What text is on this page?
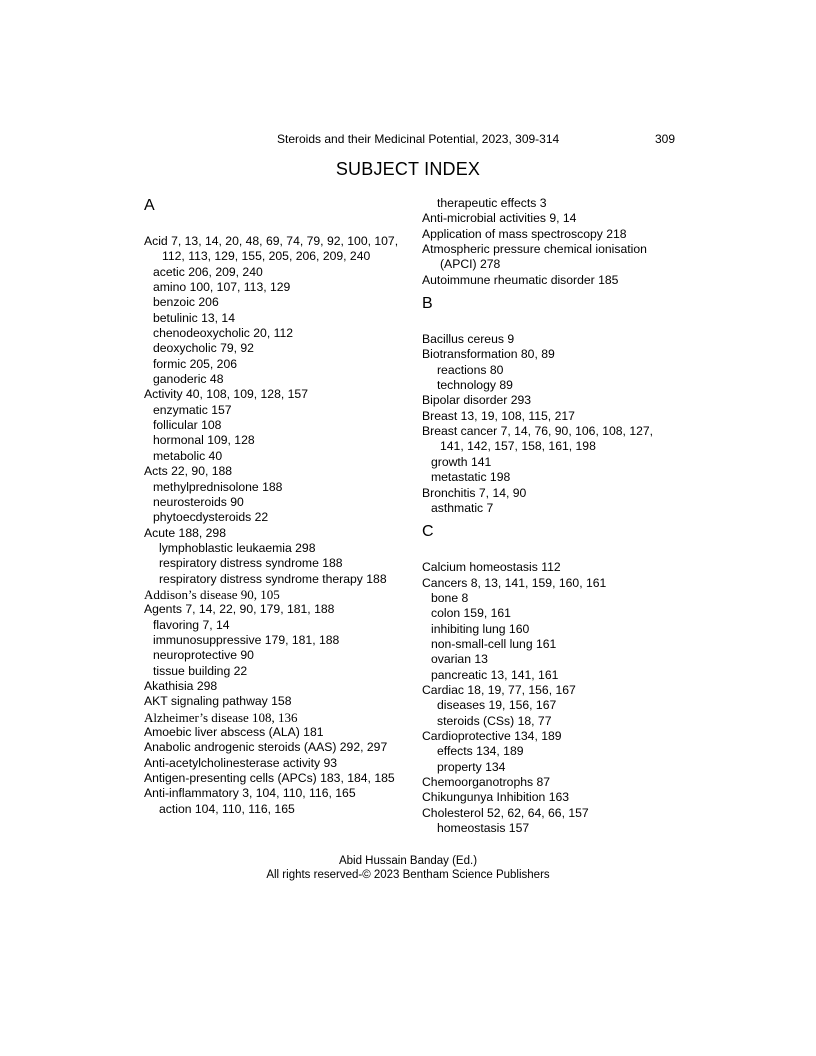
Steroids and their Medicinal Potential, 2023, 309-314	309
SUBJECT INDEX
A
Acid 7, 13, 14, 20, 48, 69, 74, 79, 92, 100, 107, 112, 113, 129, 155, 205, 206, 209, 240
acetic 206, 209, 240
amino 100, 107, 113, 129
benzoic 206
betulinic 13, 14
chenodeoxycholic 20, 112
deoxycholic 79, 92
formic 205, 206
ganoderic 48
Activity 40, 108, 109, 128, 157
enzymatic 157
follicular 108
hormonal 109, 128
metabolic 40
Acts 22, 90, 188
methylprednisolone 188
neurosteroids 90
phytoecdysteroids 22
Acute 188, 298
lymphoblastic leukaemia 298
respiratory distress syndrome 188
respiratory distress syndrome therapy 188
Addison’s disease 90, 105
Agents 7, 14, 22, 90, 179, 181, 188
flavoring 7, 14
immunosuppressive 179, 181, 188
neuroprotective 90
tissue building 22
Akathisia 298
AKT signaling pathway 158
Alzheimer’s disease 108, 136
Amoebic liver abscess (ALA) 181
Anabolic androgenic steroids (AAS) 292, 297
Anti-acetylcholinesterase activity 93
Antigen-presenting cells (APCs) 183, 184, 185
Anti-inflammatory 3, 104, 110, 116, 165
action 104, 110, 116, 165
therapeutic effects 3
Anti-microbial activities 9, 14
Application of mass spectroscopy 218
Atmospheric pressure chemical ionisation (APCI) 278
Autoimmune rheumatic disorder 185
B
Bacillus cereus 9
Biotransformation 80, 89
reactions 80
technology 89
Bipolar disorder 293
Breast 13, 19, 108, 115, 217
Breast cancer 7, 14, 76, 90, 106, 108, 127, 141, 142, 157, 158, 161, 198
growth 141
metastatic 198
Bronchitis 7, 14, 90
asthmatic 7
C
Calcium homeostasis 112
Cancers 8, 13, 141, 159, 160, 161
bone 8
colon 159, 161
inhibiting lung 160
non-small-cell lung 161
ovarian 13
pancreatic 13, 141, 161
Cardiac 18, 19, 77, 156, 167
diseases 19, 156, 167
steroids (CSs) 18, 77
Cardioprotective 134, 189
effects 134, 189
property 134
Chemoorganotrophs 87
Chikungunya Inhibition 163
Cholesterol 52, 62, 64, 66, 157
homeostasis 157
Abid Hussain Banday (Ed.)
All rights reserved-© 2023 Bentham Science Publishers
